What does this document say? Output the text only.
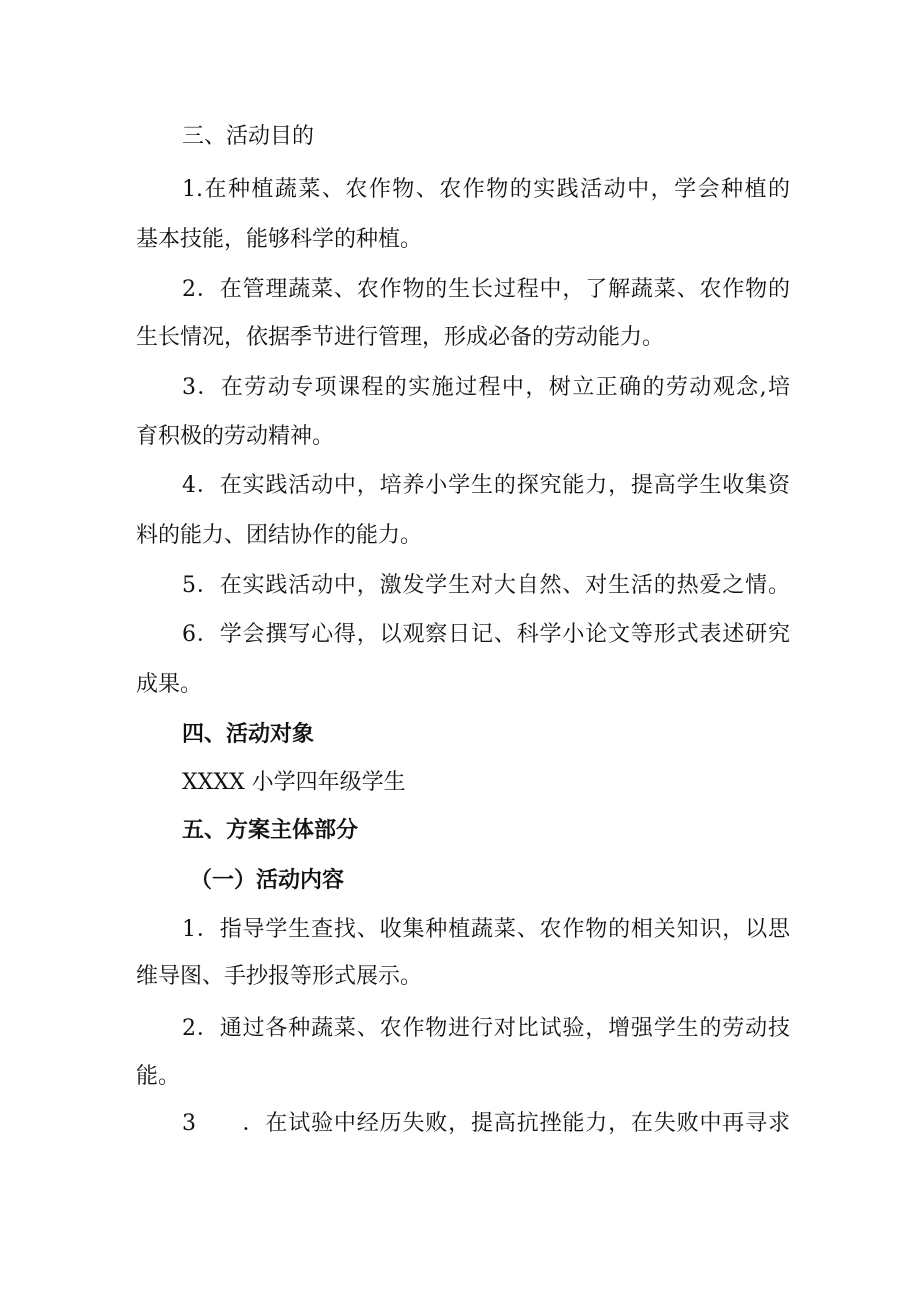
三、活动目的
1.在种植蔬菜、农作物、农作物的实践活动中，学会种植的
基本技能，能够科学的种植。
2．在管理蔬菜、农作物的生长过程中，了解蔬菜、农作物的
生长情况，依据季节进行管理，形成必备的劳动能力。
3．在劳动专项课程的实施过程中，树立正确的劳动观念,培
育积极的劳动精神。
4．在实践活动中，培养小学生的探究能力，提高学生收集资
料的能力、团结协作的能力。
5．在实践活动中，激发学生对大自然、对生活的热爱之情。
6．学会撰写心得，以观察日记、科学小论文等形式表述研究
成果。
四、活动对象
XXXX 小学四年级学生
五、方案主体部分
（一）活动内容
1．指导学生查找、收集种植蔬菜、农作物的相关知识，以思
维导图、手抄报等形式展示。
2．通过各种蔬菜、农作物进行对比试验，增强学生的劳动技
能。
3　　．在试验中经历失败，提高抗挫能力，在失败中再寻求
